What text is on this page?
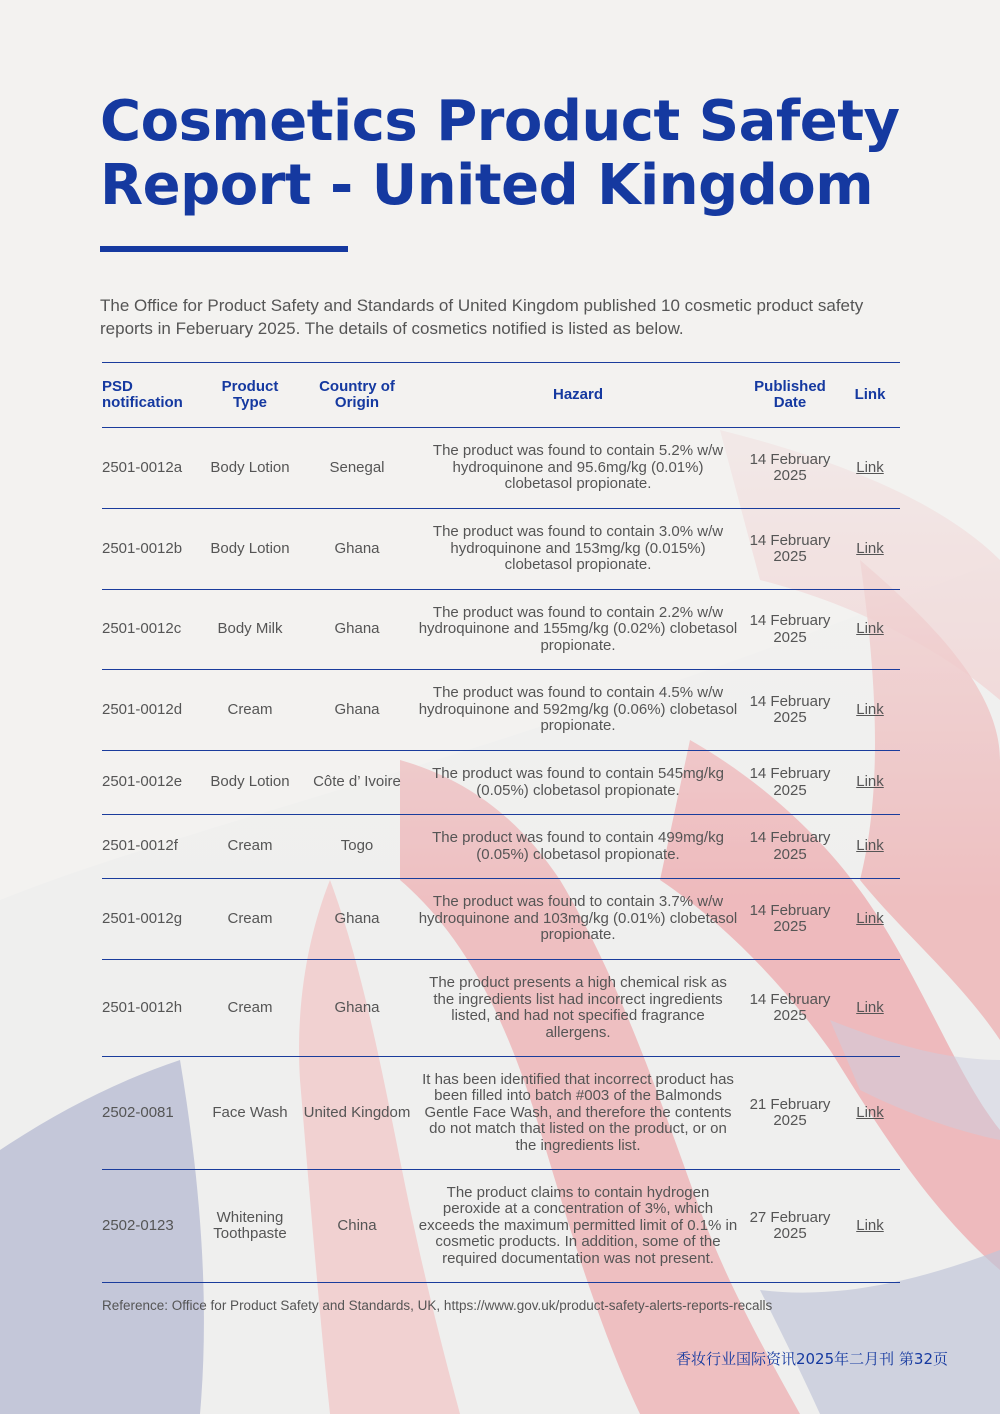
Cosmetics Product Safety Report - United Kingdom

The Office for Product Safety and Standards of United Kingdom published 10 cosmetic product safety reports in Feberuary 2025. The details of cosmetics notified is listed as below.

PSD notification	Product Type	Country of Origin	Hazard	Published Date	Link
2501-0012a	Body Lotion	Senegal	The product was found to contain 5.2% w/w hydroquinone and 95.6mg/kg (0.01%) clobetasol propionate.	14 February 2025	Link
2501-0012b	Body Lotion	Ghana	The product was found to contain 3.0% w/w hydroquinone and 153mg/kg (0.015%) clobetasol propionate.	14 February 2025	Link
2501-0012c	Body Milk	Ghana	The product was found to contain 2.2% w/w hydroquinone and 155mg/kg (0.02%) clobetasol propionate.	14 February 2025	Link
2501-0012d	Cream	Ghana	The product was found to contain 4.5% w/w hydroquinone and 592mg/kg (0.06%) clobetasol propionate.	14 February 2025	Link
2501-0012e	Body Lotion	Côte d’ Ivoire	The product was found to contain 545mg/kg (0.05%) clobetasol propionate.	14 February 2025	Link
2501-0012f	Cream	Togo	The product was found to contain 499mg/kg (0.05%) clobetasol propionate.	14 February 2025	Link
2501-0012g	Cream	Ghana	The product was found to contain 3.7% w/w hydroquinone and 103mg/kg (0.01%) clobetasol propionate.	14 February 2025	Link
2501-0012h	Cream	Ghana	The product presents a high chemical risk as the ingredients list had incorrect ingredients listed, and had not specified fragrance allergens.	14 February 2025	Link
2502-0081	Face Wash	United Kingdom	It has been identified that incorrect product has been filled into batch #003 of the Balmonds Gentle Face Wash, and therefore the contents do not match that listed on the product, or on the ingredients list.	21 February 2025	Link
2502-0123	Whitening Toothpaste	China	The product claims to contain hydrogen peroxide at a concentration of 3%, which exceeds the maximum permitted limit of 0.1% in cosmetic products. In addition, some of the required documentation was not present.	27 February 2025	Link

Reference: Office for Product Safety and Standards, UK, https://www.gov.uk/product-safety-alerts-reports-recalls

香妆行业国际资讯2025年二月刊 第32页
